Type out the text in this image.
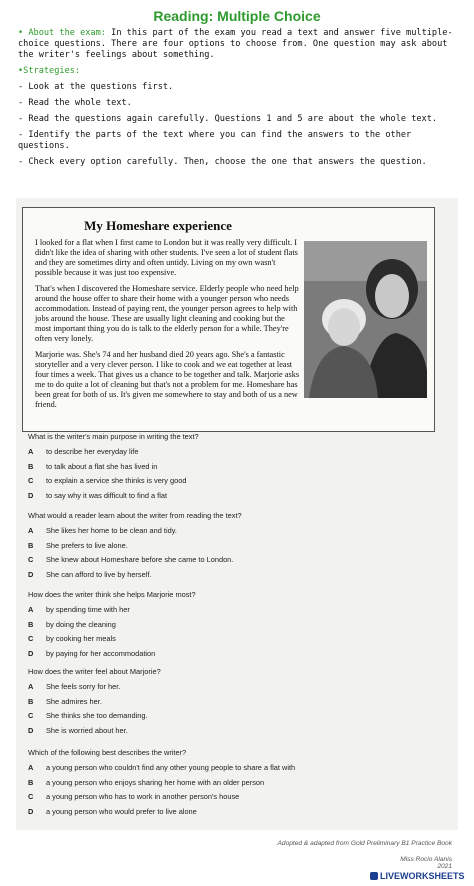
Reading: Multiple Choice

• About the exam: In this part of the exam you read a text and answer five multiple-choice questions. There are four options to choose from. One question may ask about the writer's feelings about something.

•Strategies:

- Look at the questions first.

- Read the whole text.

- Read the questions again carefully. Questions 1 and 5 are about the whole text.

- Identify the parts of the text where you can find the answers to the other questions.

- Check every option carefully. Then, choose the one that answers the question.

My Homeshare experience

I looked for a flat when I first came to London but it was really very difficult. I didn't like the idea of sharing with other students. I've seen a lot of student flats and they are sometimes dirty and often untidy. Living on my own wasn't possible because it was just too expensive.

That's when I discovered the Homeshare service. Elderly people who need help around the house offer to share their home with a younger person who needs accommodation. Instead of paying rent, the younger person agrees to help with jobs around the house. These are usually light cleaning and cooking but the most important thing you do is talk to the elderly person for a while. They're often very lonely.

Marjorie was. She's 74 and her husband died 20 years ago. She's a fantastic storyteller and a very clever person. I like to cook and we eat together at least four times a week. That gives us a chance to be together and talk. Marjorie asks me to do quite a lot of cleaning but that's not a problem for me. Homeshare has been great for both of us. It's given me somewhere to stay and both of us a new friend.

What is the writer's main purpose in writing the text?

A	to describe her everyday life
B	to talk about a flat she has lived in
C	to explain a service she thinks is very good
D	to say why it was difficult to find a flat

What would a reader learn about the writer from reading the text?

A	She likes her home to be clean and tidy.
B	She prefers to live alone.
C	She knew about Homeshare before she came to London.
D	She can afford to live by herself.

How does the writer think she helps Marjorie most?

A	by spending time with her
B	by doing the cleaning
C	by cooking her meals
D	by paying for her accommodation

How does the writer feel about Marjorie?

A	She feels sorry for her.
B	She admires her.
C	She thinks she too demanding.
D	She is worried about her.

Which of the following best describes the writer?

A	a young person who couldn't find any other young people to share a flat with
B	a young person who enjoys sharing her home with an older person
C	a young person who has to work in another person's house
D	a young person who would prefer to live alone
Adopted & adapted from Gold Preliminary B1 Practice Book
Miss Rocio Alanis
2021
LIVEWORKSHEETS
